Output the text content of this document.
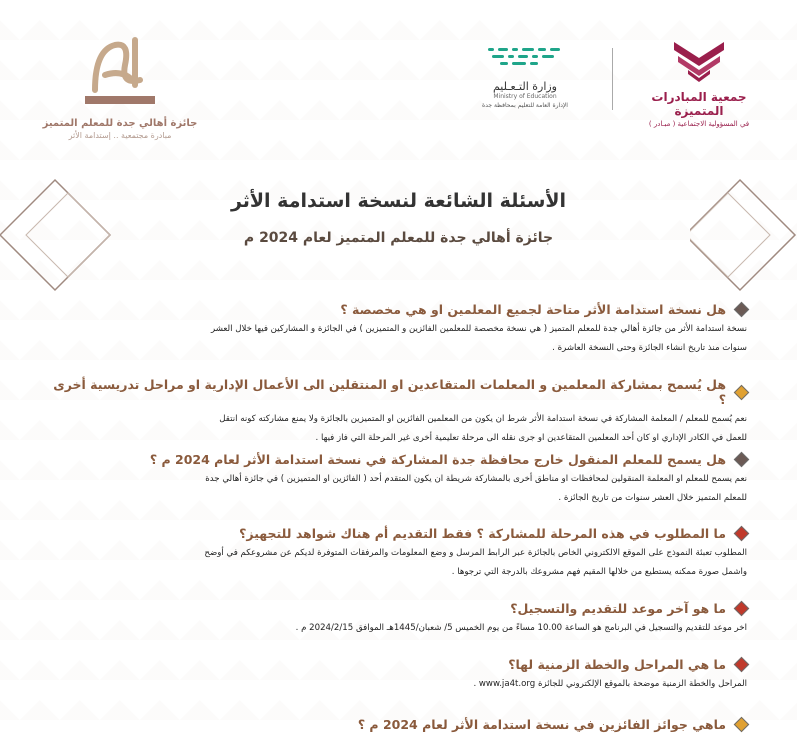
جمعية المبادرات المتميزة
في المسؤولية الاجتماعية ( مبـادر )
وزارة التـعـليم
Ministry of Education
الإدارة العامة للتعليم بمحافظة جدة
جائزة أهالي جدة للمعلم المتميز
مبادرة مجتمعية .. إستدامة الأثر
الأسئلة الشائعة لنسخة استدامة الأثر
جائزة أهالي جدة للمعلم المتميز لعام 2024 م
هل نسخة استدامة الأثر متاحة لجميع المعلمين او هي مخصصة ؟
نسخة استدامة الأثر من جائزة أهالي جدة للمعلم المتميز ( هي نسخة مخصصة للمعلمين الفائزين و المتميزين ) في الجائزة و المشاركين فيها خلال العشر
سنوات منذ تاريخ انشاء الجائزة وحتى النسخة العاشرة .
هل يُسمح بمشاركة المعلمين و المعلمات المتقاعدين او المنتقلين الى الأعمال الإدارية او مراحل تدريسية أخرى ؟
نعم يُسمح للمعلم / المعلمة المشاركة في نسخة استدامة الأثر شرط ان يكون من المعلمين الفائزين او المتميزين بالجائزة ولا يمنع مشاركته كونه انتقل
للعمل في الكادر الإداري او كان أحد المعلمين المتقاعدين او جرى نقله الى مرحلة تعليمية أخرى غير المرحلة التي فاز فيها .
هل يسمح للمعلم المنقول خارج محافظة جدة المشاركة في نسخة استدامة الأثر لعام 2024 م ؟
نعم يسمح للمعلم او المعلمة المنقولين لمحافظات او مناطق أخرى بالمشاركة شريطة ان يكون المتقدم أحد ( الفائزين او المتميزين ) في جائزة أهالي جدة
للمعلم المتميز خلال العشر سنوات من تاريخ الجائزة .
ما المطلوب في هذه المرحلة للمشاركة ؟ فقط التقديم أم هناك شواهد للتجهيز؟
المطلوب تعبئة النموذج على الموقع الالكتروني الخاص بالجائزة عبر الرابط المرسل و وضع المعلومات والمرفقات المتوفرة لديكم عن مشروعكم في أوضح
واشمل صورة ممكنه يستطيع من خلالها المقيم فهم مشروعك بالدرجة التي ترجوها .
ما هو آخر موعد للتقديم والتسجيل؟
اخر موعد للتقديم والتسجيل في البرنامج هو الساعة 10.00 مساءً من يوم الخميس 5/ شعبان/1445هـ الموافق 2024/2/15 م .
ما هي المراحل والخطة الزمنية لها؟
المراحل والخطة الزمنية موضحة بالموقع الإلكتروني للجائزة www.ja4t.org .
ماهي جوائز الفائزين في نسخة استدامة الأثر لعام 2024 م ؟
